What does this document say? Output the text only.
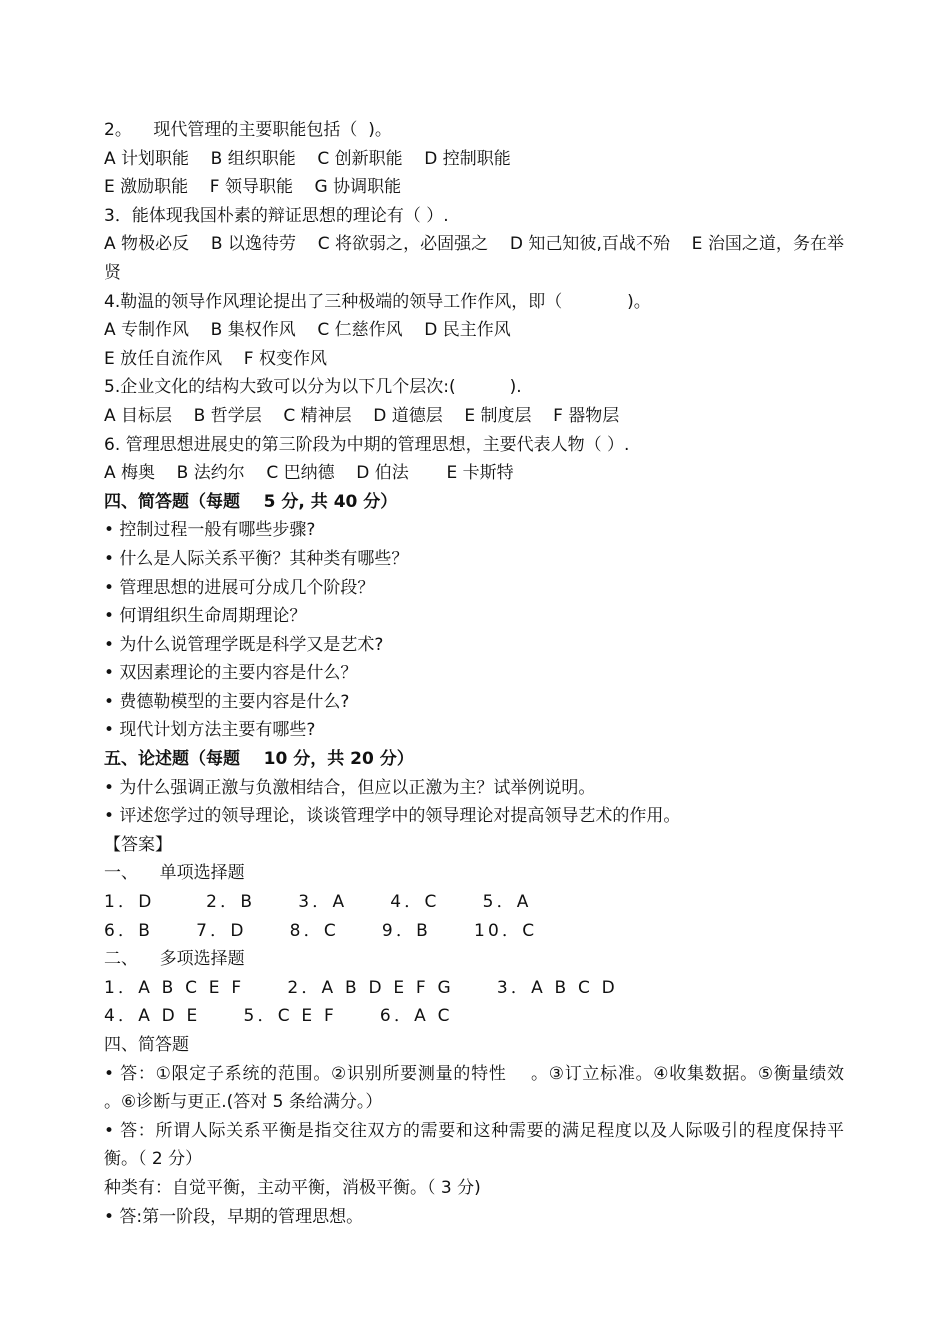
2。    现代管理的主要职能包括（  )。
A 计划职能    B 组织职能    C 创新职能    D 控制职能
E 激励职能    F 领导职能    G 协调职能
3．能体现我国朴素的辩证思想的理论有（ ）.
A 物极必反    B 以逸待劳    C 将欲弱之，必固强之    D 知己知彼,百战不殆    E 治国之道，务在举贤
4.勒温的领导作风理论提出了三种极端的领导工作作风，即（            )。
A 专制作风    B 集权作风    C 仁慈作风    D 民主作风
E 放任自流作风    F 权变作风
5.企业文化的结构大致可以分为以下几个层次:(          ).
A 目标层    B 哲学层    C 精神层    D 道德层    E 制度层    F 器物层
6. 管理思想进展史的第三阶段为中期的管理思想，主要代表人物（ ）.
A 梅奥    B 法约尔    C 巴纳德    D 伯法       E 卡斯特
四、简答题（每题    5 分, 共 40 分）
• 控制过程一般有哪些步骤?
• 什么是人际关系平衡？其种类有哪些？
• 管理思想的进展可分成几个阶段？
• 何谓组织生命周期理论？
• 为什么说管理学既是科学又是艺术?
• 双因素理论的主要内容是什么？
• 费德勒模型的主要内容是什么?
• 现代计划方法主要有哪些?
五、论述题（每题    10 分，共 20 分）
• 为什么强调正激与负激相结合，但应以正激为主？试举例说明。
• 评述您学过的领导理论，谈谈管理学中的领导理论对提高领导艺术的作用。
【答案】
一、    单项选择题
1．D      2．B     3．A     4．C     5．A
6．B     7．D     8．C     9．B     10．C
二、    多项选择题
1．A B C E F     2．A B D E F G     3．A B C D
4．A D E     5．C E F     6．A C
四、简答题
• 答：①限定子系统的范围。②识别所要测量的特性    。③订立标准。④收集数据。⑤衡量绩效    。⑥诊断与更正.(答对 5 条给满分。）
• 答：所谓人际关系平衡是指交往双方的需要和这种需要的满足程度以及人际吸引的程度保持平衡。（ 2 分）
种类有：自觉平衡，主动平衡，消极平衡。（ 3 分)
• 答:第一阶段，早期的管理思想。
